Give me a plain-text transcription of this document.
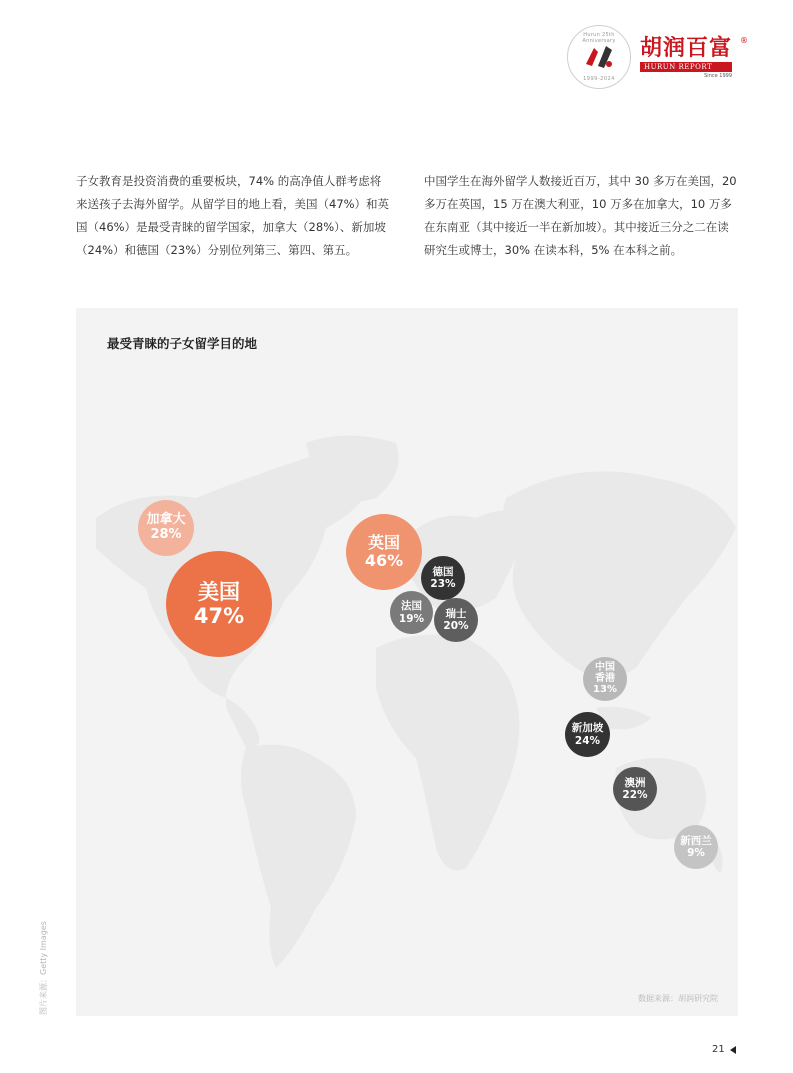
Hurun 25th Anniversary
1999-2024
胡润百富 ®
HURUN REPORT
Since 1999
子女教育是投资消费的重要板块，74% 的高净值人群考虑将来送孩子去海外留学。从留学目的地上看，美国（47%）和英国（46%）是最受青睐的留学国家，加拿大（28%）、新加坡（24%）和德国（23%）分别位列第三、第四、第五。
中国学生在海外留学人数接近百万，其中 30 多万在美国，20 多万在英国，15 万在澳大利亚，10 万多在加拿大，10 万多在东南亚（其中接近一半在新加坡）。其中接近三分之二在读研究生或博士，30% 在读本科，5% 在本科之前。
最受青睐的子女留学目的地
加拿大
28%
美国
47%
英国
46%
德国
23%
法国
19% 瑞士
20%
中国香港
13%
新加坡
24%
澳洲
22%
新西兰
9%
数据来源：胡润研究院
图片来源：Getty Images
21
